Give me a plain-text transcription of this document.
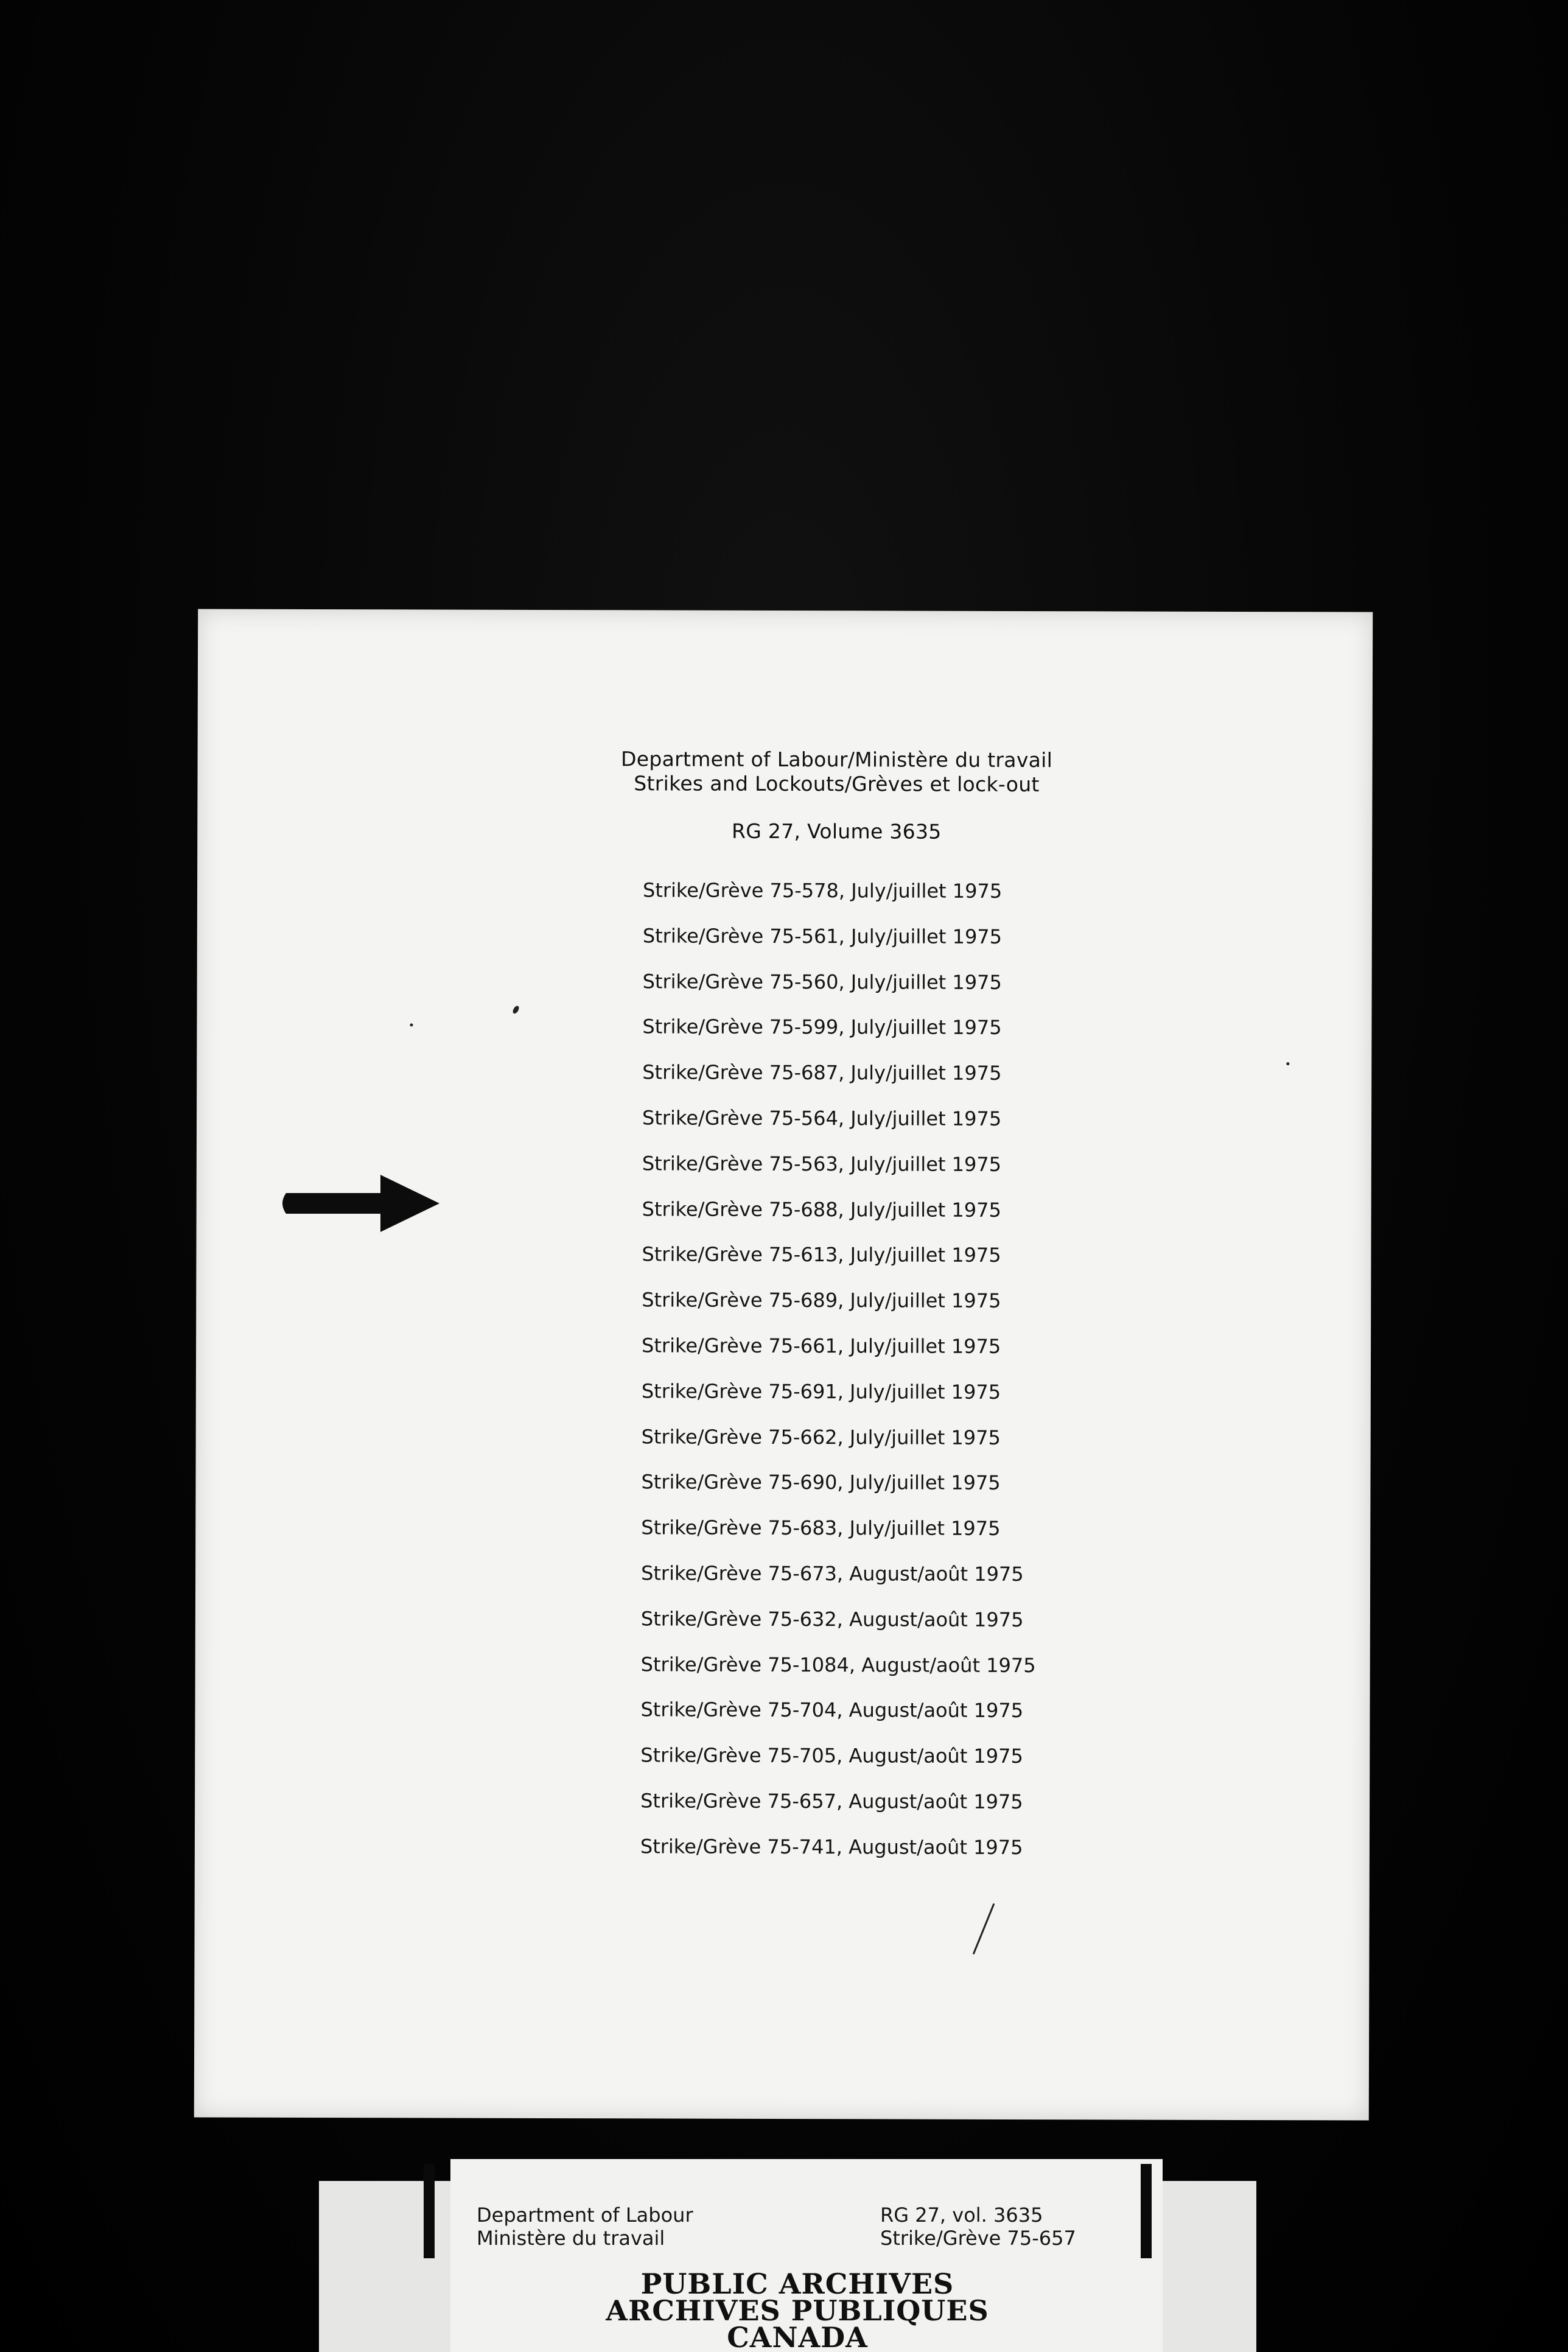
Department of Labour/Ministère du travail
Strikes and Lockouts/Grèves et lock-out
RG 27, Volume 3635
Strike/Grève 75-578, July/juillet 1975
Strike/Grève 75-561, July/juillet 1975
Strike/Grève 75-560, July/juillet 1975
Strike/Grève 75-599, July/juillet 1975
Strike/Grève 75-687, July/juillet 1975
Strike/Grève 75-564, July/juillet 1975
Strike/Grève 75-563, July/juillet 1975
Strike/Grève 75-688, July/juillet 1975
Strike/Grève 75-613, July/juillet 1975
Strike/Grève 75-689, July/juillet 1975
Strike/Grève 75-661, July/juillet 1975
Strike/Grève 75-691, July/juillet 1975
Strike/Grève 75-662, July/juillet 1975
Strike/Grève 75-690, July/juillet 1975
Strike/Grève 75-683, July/juillet 1975
Strike/Grève 75-673, August/août 1975
Strike/Grève 75-632, August/août 1975
Strike/Grève 75-1084, August/août 1975
Strike/Grève 75-704, August/août 1975
Strike/Grève 75-705, August/août 1975
Strike/Grève 75-657, August/août 1975
Strike/Grève 75-741, August/août 1975
Department of Labour
Ministère du travail
RG 27, vol. 3635
Strike/Grève 75-657
PUBLIC ARCHIVES
ARCHIVES PUBLIQUES
CANADA
